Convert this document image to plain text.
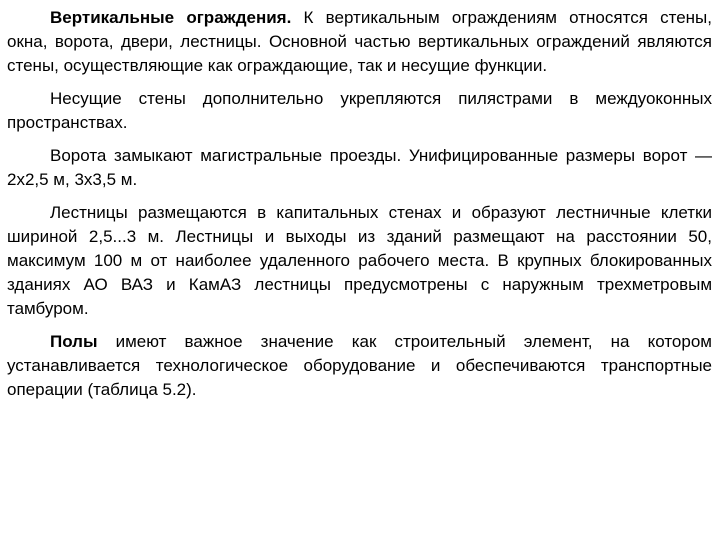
Вертикальные ограждения. К вертикальным ограждениям относятся стены, окна, ворота, двери, лестницы. Основной частью вертикальных ограждений являются стены, осуществляющие как ограждающие, так и несущие функции.

Несущие стены дополнительно укрепляются пилястрами в междуоконных пространствах.

Ворота замыкают магистральные проезды. Унифицированные размеры ворот — 2х2,5 м, 3х3,5 м.

Лестницы размещаются в капитальных стенах и образуют лестничные клетки шириной 2,5...3 м. Лестницы и выходы из зданий размещают на расстоянии 50, максимум 100 м от наиболее удаленного рабочего места. В крупных блокированных зданиях АО ВАЗ и КамАЗ лестницы предусмотрены с наружным трехметровым тамбуром.

Полы имеют важное значение как строительный элемент, на котором устанавливается технологическое оборудование и обеспечиваются транспортные операции (таблица 5.2).
